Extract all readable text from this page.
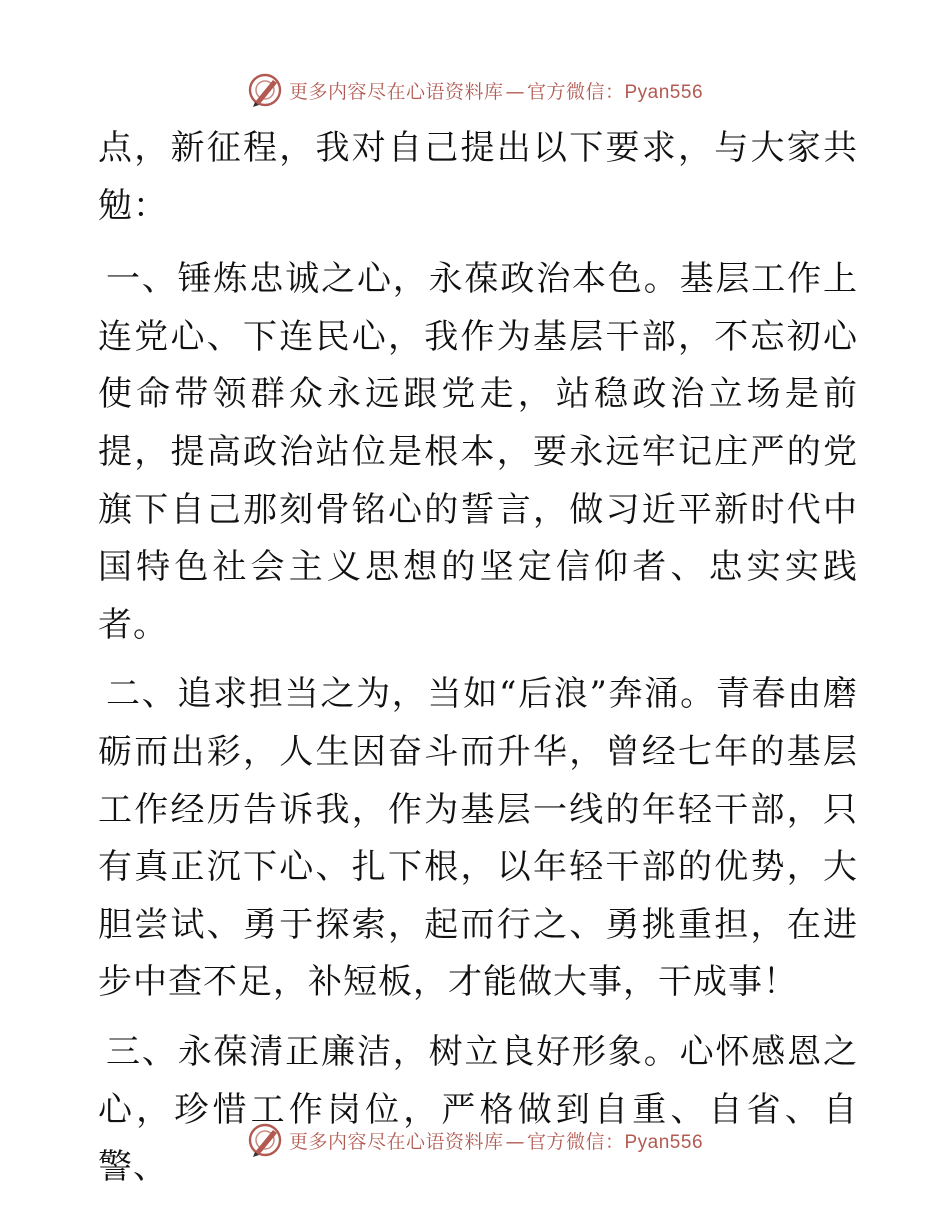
更多内容尽在心语资料库 — 官方微信：Pyan556

点，新征程，我对自己提出以下要求，与大家共勉：

一、锤炼忠诚之心，永葆政治本色。基层工作上连党心、下连民心，我作为基层干部，不忘初心使命带领群众永远跟党走，站稳政治立场是前提，提高政治站位是根本，要永远牢记庄严的党旗下自己那刻骨铭心的誓言，做习近平新时代中国特色社会主义思想的坚定信仰者、忠实实践者。

二、追求担当之为，当如“后浪”奔涌。青春由磨砺而出彩，人生因奋斗而升华，曾经七年的基层工作经历告诉我，作为基层一线的年轻干部，只有真正沉下心、扎下根，以年轻干部的优势，大胆尝试、勇于探索，起而行之、勇挑重担，在进步中查不足，补短板，才能做大事，干成事！

三、永葆清正廉洁，树立良好形象。心怀感恩之心，珍惜工作岗位，严格做到自重、自省、自警、

更多内容尽在心语资料库 — 官方微信：Pyan556
